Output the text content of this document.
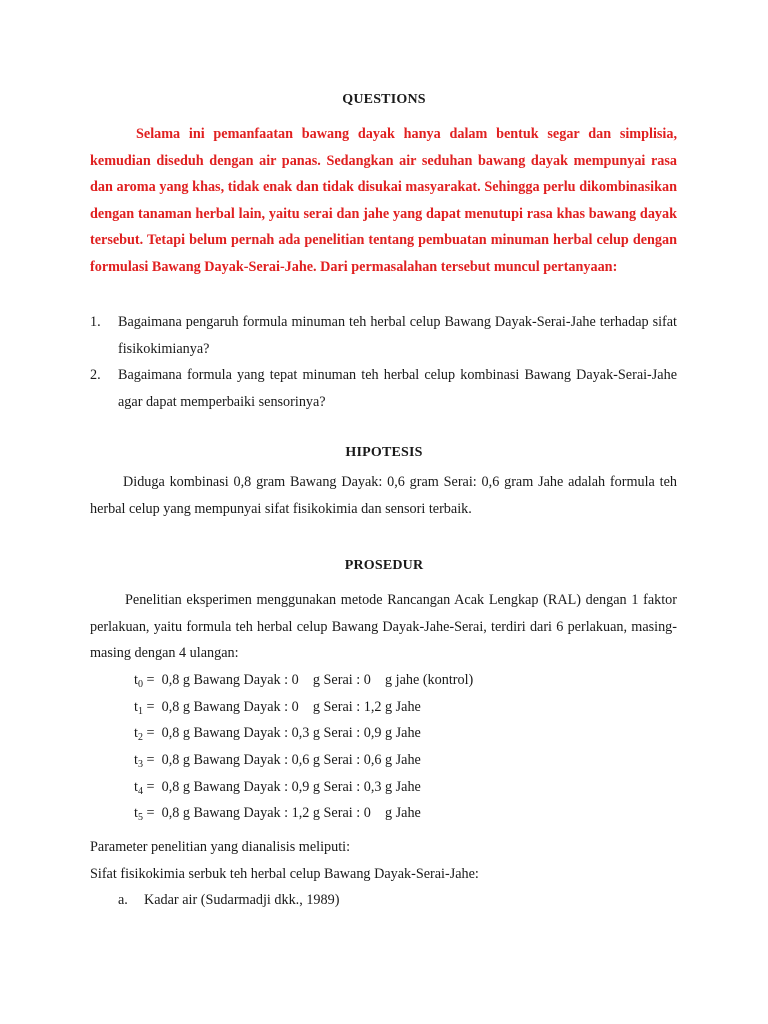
QUESTIONS
Selama ini pemanfaatan bawang dayak hanya dalam bentuk segar dan simplisia, kemudian diseduh dengan air panas. Sedangkan air seduhan bawang dayak mempunyai rasa dan aroma yang khas, tidak enak dan tidak disukai masyarakat. Sehingga perlu dikombinasikan dengan tanaman herbal lain, yaitu serai dan jahe yang dapat menutupi rasa khas bawang dayak tersebut. Tetapi belum pernah ada penelitian tentang pembuatan minuman herbal celup dengan formulasi Bawang Dayak-Serai-Jahe. Dari permasalahan tersebut muncul pertanyaan:
1.	Bagaimana pengaruh formula minuman teh herbal celup Bawang Dayak-Serai-Jahe terhadap sifat fisikokimianya?
2.	Bagaimana formula yang tepat minuman teh herbal celup kombinasi Bawang Dayak-Serai-Jahe agar dapat memperbaiki sensorinya?
HIPOTESIS
Diduga kombinasi 0,8 gram Bawang Dayak: 0,6 gram Serai: 0,6 gram Jahe adalah formula teh herbal celup yang mempunyai sifat fisikokimia dan sensori terbaik.
PROSEDUR
Penelitian eksperimen menggunakan metode Rancangan Acak Lengkap (RAL) dengan 1 faktor perlakuan, yaitu formula teh herbal celup Bawang Dayak-Jahe-Serai, terdiri dari 6 perlakuan, masing-masing dengan 4 ulangan:
$t_0 = 0,8$ g Bawang Dayak : 0    g Serai : 0    g jahe (kontrol)
$t_1 = 0,8$ g Bawang Dayak : 0    g Serai : 1,2 g Jahe
$t_2 = 0,8$ g Bawang Dayak : 0,3 g Serai : 0,9 g Jahe
$t_3 = 0,8$ g Bawang Dayak : 0,6 g Serai : 0,6 g Jahe
$t_4 = 0,8$ g Bawang Dayak : 0,9 g Serai : 0,3 g Jahe
$t_5 = 0,8$ g Bawang Dayak : 1,2 g Serai : 0    g Jahe
Parameter penelitian yang dianalisis meliputi:
Sifat fisikokimia serbuk teh herbal celup Bawang Dayak-Serai-Jahe:
a. Kadar air (Sudarmadji dkk., 1989)
